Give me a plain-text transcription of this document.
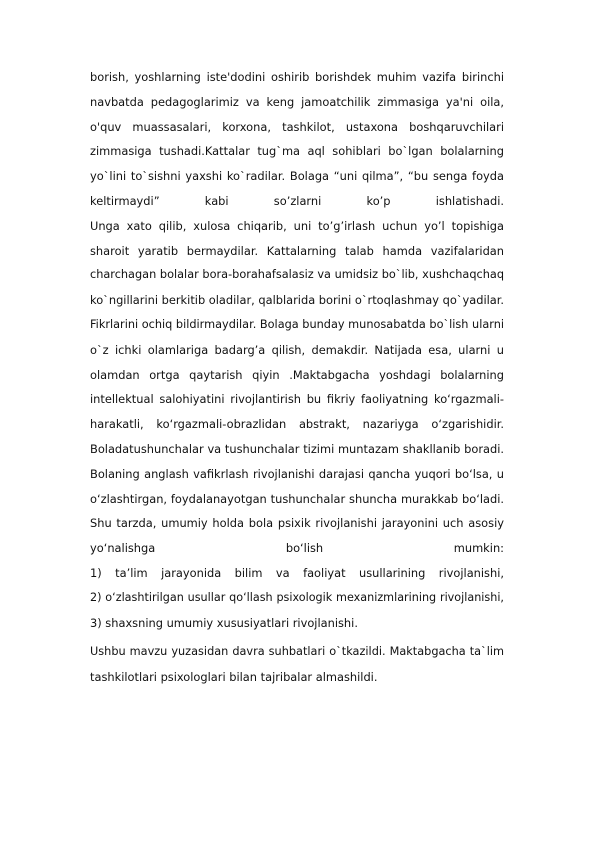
borish, yoshlarning iste'dodini oshirib borishdek muhim vazifa birinchi
navbatda pedagoglarimiz va keng jamoatchilik zimmasiga ya'ni oila,
o'quv muassasalari, korxona, tashkilot, ustaxona boshqaruvchilari
zimmasiga tushadi.Kattalar tug`ma aql sohiblari bo`lgan bolalarning
yo`lini to`sishni yaxshi ko`radilar. Bolaga “uni qilma”, “bu senga foyda
keltirmaydi” kabi so’zlarni ko’p ishlatishadi.
Unga xato qilib, xulosa chiqarib, uni to’g’irlash uchun yo’l topishiga
sharoit yaratib bermaydilar. Kattalarning talab hamda vazifalaridan
charchagan bolalar bora-borahafsalasiz va umidsiz bo`lib, xushchaqchaq
ko`ngillarini berkitib oladilar, qalblarida borini o`rtoqlashmay qo`yadilar.
Fikrlarini ochiq bildirmaydilar. Bolaga bunday munosabatda bo`lish ularni
o`z ichki olamlariga badarg’a qilish, demakdir. Natijada esa, ularni u
olamdan ortga qaytarish qiyin .Maktabgacha yoshdagi bolalarning
intellektual salohiyatini rivojlantirish bu fikriy faoliyatning ko‘rgazmali-
harakatli, ko‘rgazmali-obrazlidan abstrakt, nazariyga o‘zgarishidir.
Boladatushunchalar va tushunchalar tizimi muntazam shakllanib boradi.
Bolaning anglash vafikrlash rivojlanishi darajasi qancha yuqori bo‘lsa, u
o‘zlashtirgan, foydalanayotgan tushunchalar shuncha murakkab bo‘ladi.
Shu tarzda, umumiy holda bola psixik rivojlanishi jarayonini uch asosiy
yo‘nalishga bo‘lish mumkin:
1) ta’lim jarayonida bilim va faoliyat usullarining rivojlanishi,
2) o‘zlashtirilgan usullar qo‘llash psixologik mexanizmlarining rivojlanishi,
3) shaxsning umumiy xususiyatlari rivojlanishi.
Ushbu mavzu yuzasidan davra suhbatlari o`tkazildi. Maktabgacha ta`lim
tashkilotlari psixologlari bilan tajribalar almashildi.
